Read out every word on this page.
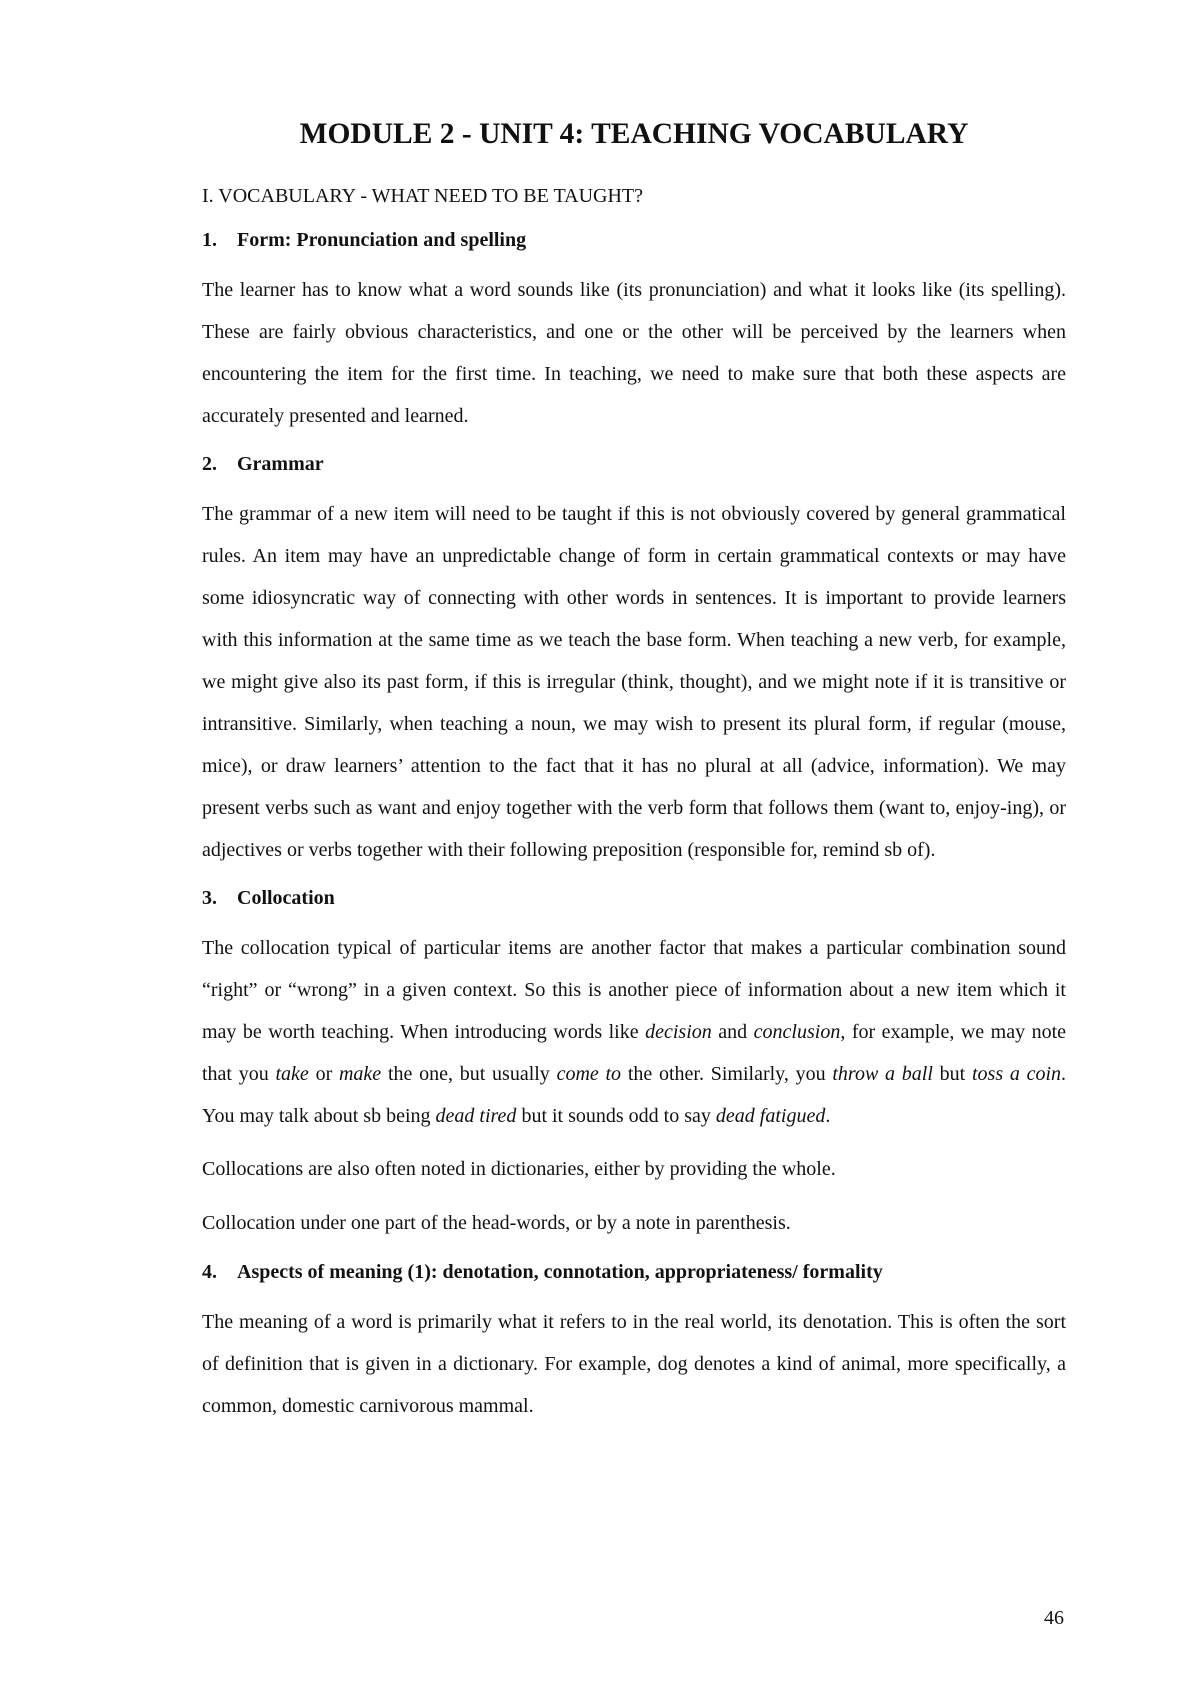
MODULE 2 - UNIT 4: TEACHING VOCABULARY
I. VOCABULARY - WHAT NEED TO BE TAUGHT?
1. Form: Pronunciation and spelling

The learner has to know what a word sounds like (its pronunciation) and what it looks like (its spelling). These are fairly obvious characteristics, and one or the other will be perceived by the learners when encountering the item for the first time. In teaching, we need to make sure that both these aspects are accurately presented and learned.

2. Grammar

The grammar of a new item will need to be taught if this is not obviously covered by general grammatical rules. An item may have an unpredictable change of form in certain grammatical contexts or may have some idiosyncratic way of connecting with other words in sentences. It is important to provide learners with this information at the same time as we teach the base form. When teaching a new verb, for example, we might give also its past form, if this is irregular (think, thought), and we might note if it is transitive or intransitive. Similarly, when teaching a noun, we may wish to present its plural form, if regular (mouse, mice), or draw learners’ attention to the fact that it has no plural at all (advice, information). We may present verbs such as want and enjoy together with the verb form that follows them (want to, enjoy-ing), or adjectives or verbs together with their following preposition (responsible for, remind sb of).

3. Collocation

The collocation typical of particular items are another factor that makes a particular combination sound “right” or “wrong” in a given context. So this is another piece of information about a new item which it may be worth teaching. When introducing words like decision and conclusion, for example, we may note that you take or make the one, but usually come to the other. Similarly, you throw a ball but toss a coin. You may talk about sb being dead tired but it sounds odd to say dead fatigued.

Collocations are also often noted in dictionaries, either by providing the whole.

Collocation under one part of the head-words, or by a note in parenthesis.

4. Aspects of meaning (1): denotation, connotation, appropriateness/ formality

The meaning of a word is primarily what it refers to in the real world, its denotation. This is often the sort of definition that is given in a dictionary. For example, dog denotes a kind of animal, more specifically, a common, domestic carnivorous mammal.

46
